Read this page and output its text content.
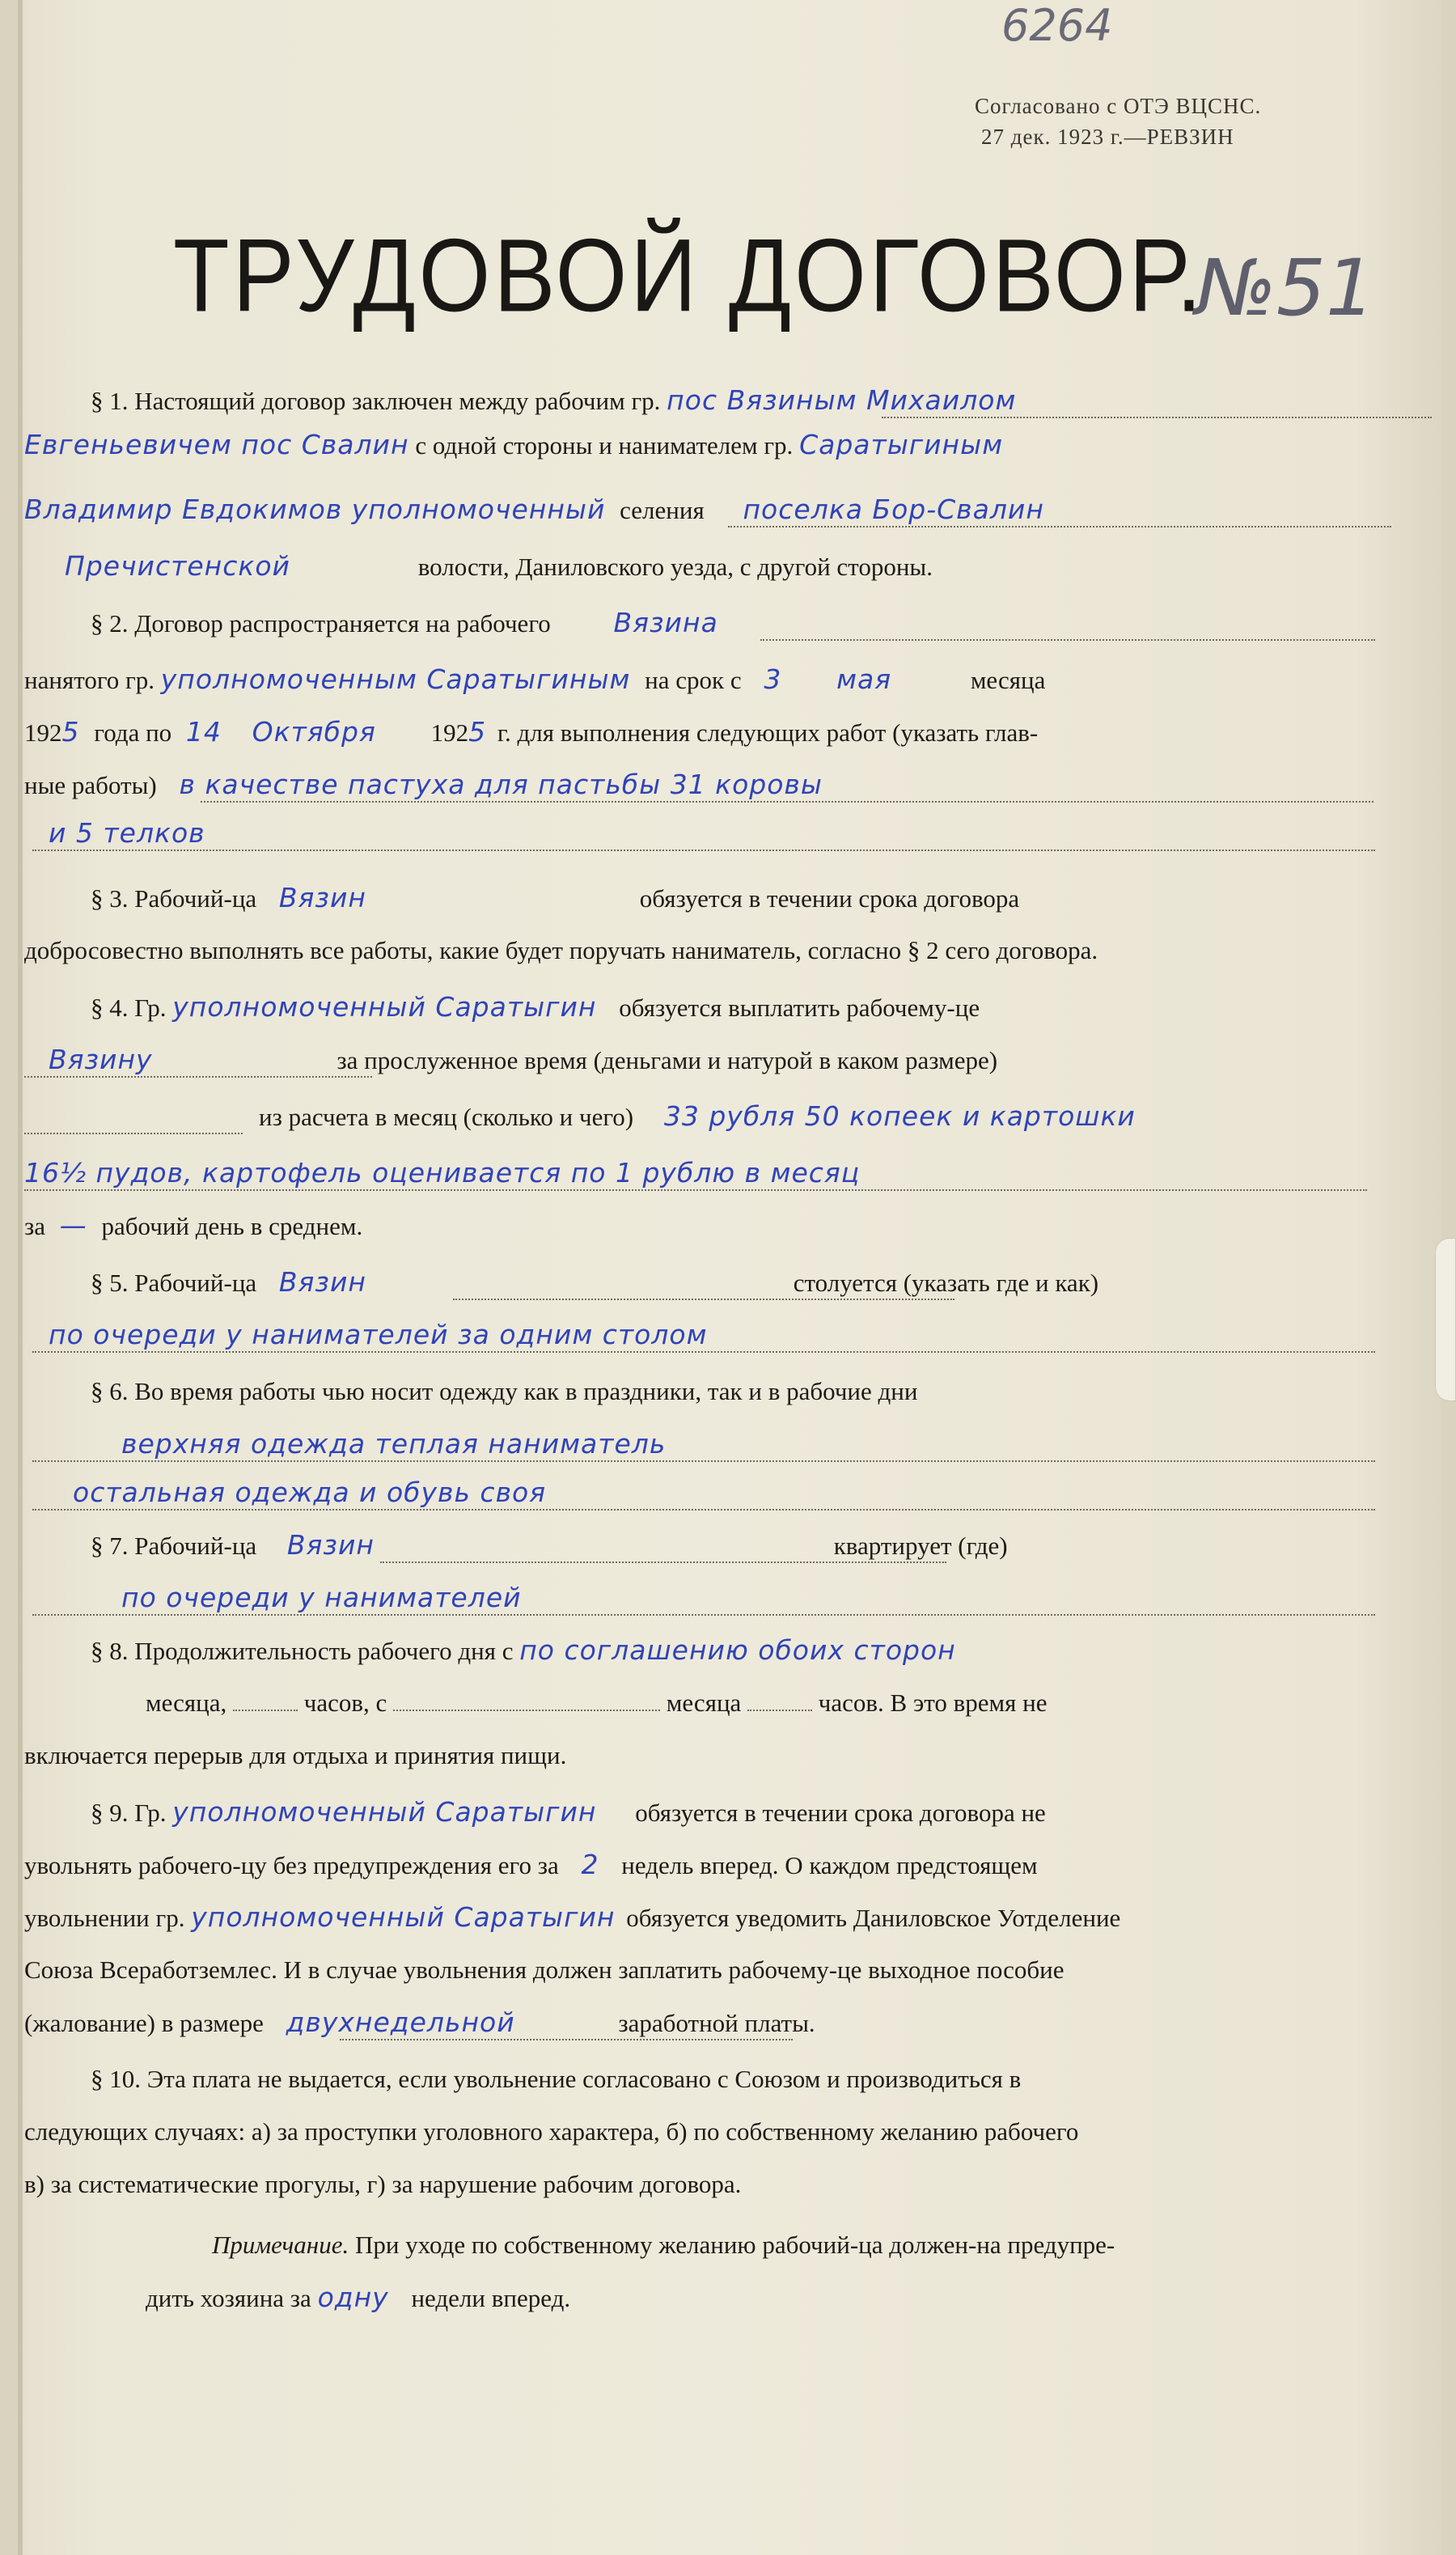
6264
Согласовано с ОТЭ ВЦСНС.
27 дек. 1923 г.—РЕВЗИН
ТРУДОВОЙ ДОГОВОР.
№51
§ 1. Настоящий договор заключен между рабочим гр. пос Вязиным Михаилом
Евгеньевичем пос Свалин с одной стороны и нанимателем гр. Саратыгиным
Владимир Евдокимов уполномоченный селения поселка Бор-Свалин
Пречистенской	волости, Даниловского уезда, с другой стороны.
§ 2. Договор распространяется на рабочего Вязина
нанятого гр. уполномоченным Саратыгиным на срок с 3 мая	месяца
1925 года по 14 Октября 1925 г. для выполнения следующих работ (указать глав-
ные работы) в качестве пастуха для пастьбы 31 коровы
и 5 телков
§ 3. Рабочий-ца Вязин	обязуется в течении срока договора
добросовестно выполнять все работы, какие будет поручать наниматель, согласно § 2 сего договора.
§ 4. Гр. уполномоченный Саратыгин обязуется выплатить рабочему-це
Вязину	за прослуженное время (деньгами и натурой в каком размере)
из расчета в месяц (сколько и чего) 33 рубля 50 копеек и картошки
16½ пудов, картофель оценивается по 1 рублю в месяц
за — рабочий день в среднем.
§ 5. Рабочий-ца Вязин	столуется (указать где и как)
по очереди у нанимателей за одним столом
§ 6. Во время работы чью носит одежду как в праздники, так и в рабочие дни
верхняя одежда теплая наниматель
остальная одежда и обувь своя
§ 7. Рабочий-ца Вязин	квартирует (где)
по очереди у нанимателей
§ 8. Продолжительность рабочего дня с по соглашению обоих сторон
месяца,	часов, с	месяца	часов. В это время не
включается перерыв для отдыха и принятия пищи.
§ 9. Гр. уполномоченный Саратыгин обязуется в течении срока договора не
увольнять рабочего-цу без предупреждения его за 2 недель вперед. О каждом предстоящем
увольнении гр. уполномоченный Саратыгин обязуется уведомить Даниловское Уотделение
Союза Всеработземлес. И в случае увольнения должен заплатить рабочему-це выходное пособие
(жалование) в размере двухнедельной	заработной платы.
§ 10. Эта плата не выдается, если увольнение согласовано с Союзом и производиться в
следующих случаях: а) за проступки уголовного характера, б) по собственному желанию рабочего
в) за систематические прогулы, г) за нарушение рабочим договора.
Примечание. При уходе по собственному желанию рабочий-ца должен-на предупре-
дить хозяина за одну недели вперед.
